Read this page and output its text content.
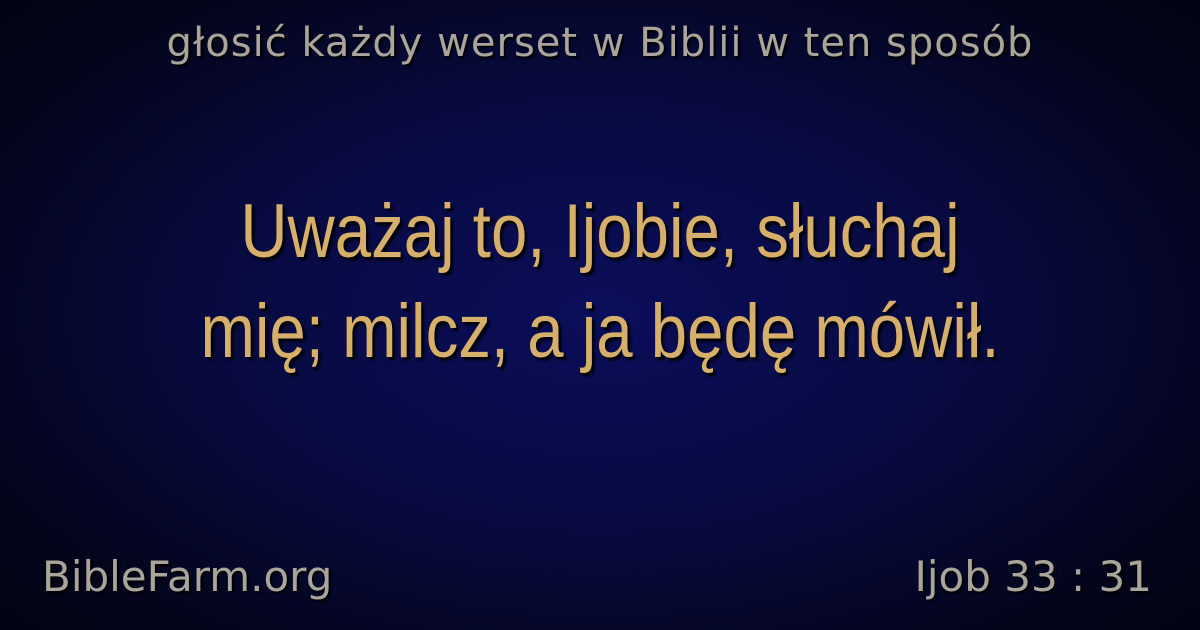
głosić każdy werset w Biblii w ten sposób
Uważaj to, Ijobie, słuchaj
mię; milcz, a ja będę mówił.
BibleFarm.org	Ijob 33 : 31
